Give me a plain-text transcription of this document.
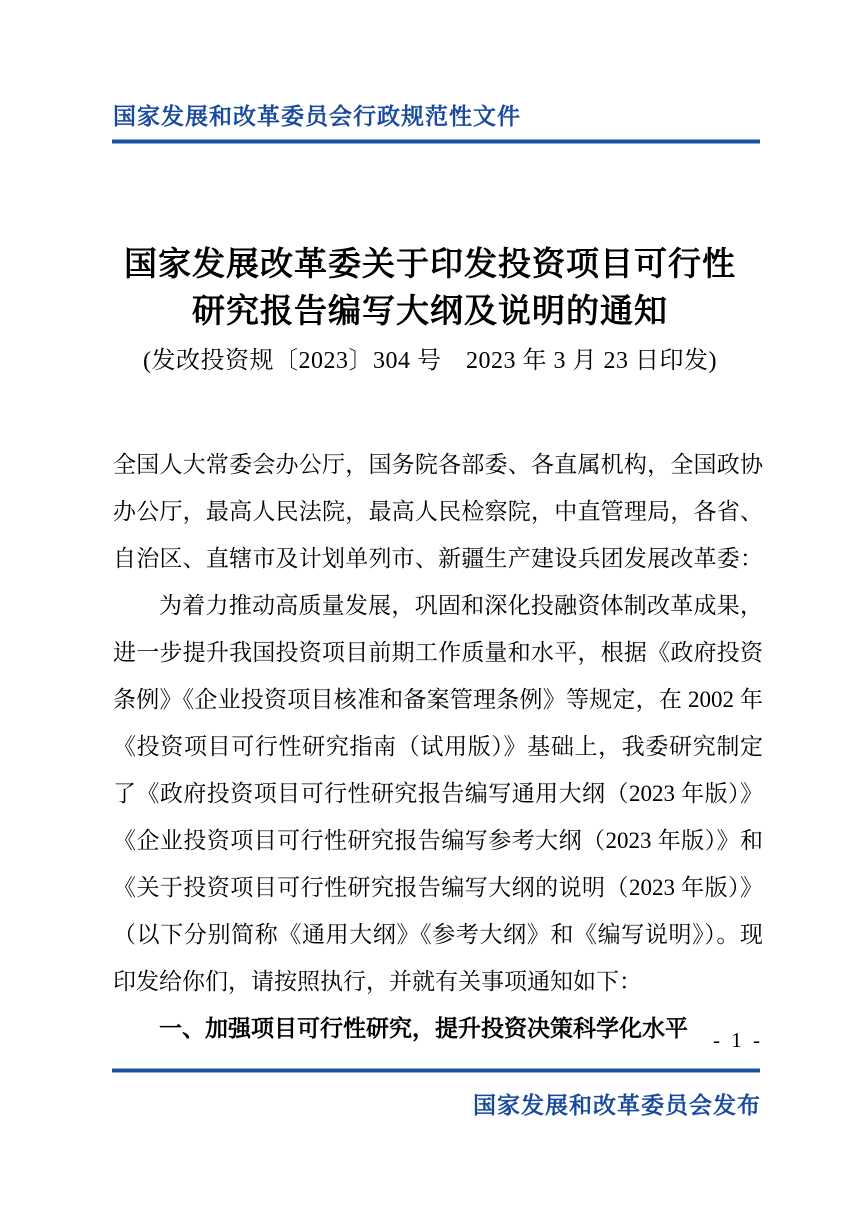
国家发展和改革委员会行政规范性文件
国家发展改革委关于印发投资项目可行性
研究报告编写大纲及说明的通知
(发改投资规〔2023〕304 号　2023 年 3 月 23 日印发)
全国人大常委会办公厅，国务院各部委、各直属机构，全国政协
办公厅，最高人民法院，最高人民检察院，中直管理局，各省、
自治区、直辖市及计划单列市、新疆生产建设兵团发展改革委：
为着力推动高质量发展，巩固和深化投融资体制改革成果，
进一步提升我国投资项目前期工作质量和水平，根据《政府投资
条例》《企业投资项目核准和备案管理条例》等规定，在 2002 年
《投资项目可行性研究指南（试用版）》基础上，我委研究制定
了《政府投资项目可行性研究报告编写通用大纲（2023 年版）》
《企业投资项目可行性研究报告编写参考大纲（2023 年版）》和
《关于投资项目可行性研究报告编写大纲的说明（2023 年版）》
（以下分别简称《通用大纲》《参考大纲》和《编写说明》）。现
印发给你们，请按照执行，并就有关事项通知如下：
一、加强项目可行性研究，提升投资决策科学化水平	- 1 -
国家发展和改革委员会发布
